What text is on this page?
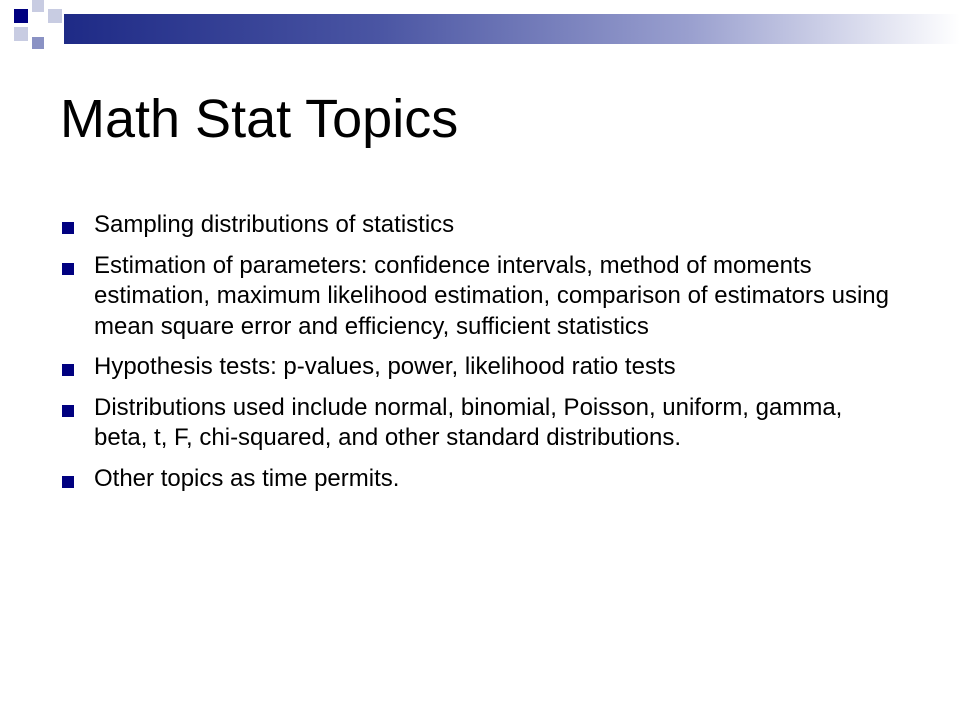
Math Stat Topics
Sampling distributions of statistics
Estimation of parameters: confidence intervals, method of moments estimation, maximum likelihood estimation, comparison of estimators using mean square error and efficiency, sufficient statistics
Hypothesis tests: p-values, power, likelihood ratio tests
Distributions used include normal, binomial, Poisson, uniform, gamma, beta, t, F, chi-squared, and other standard distributions.
Other topics as time permits.
